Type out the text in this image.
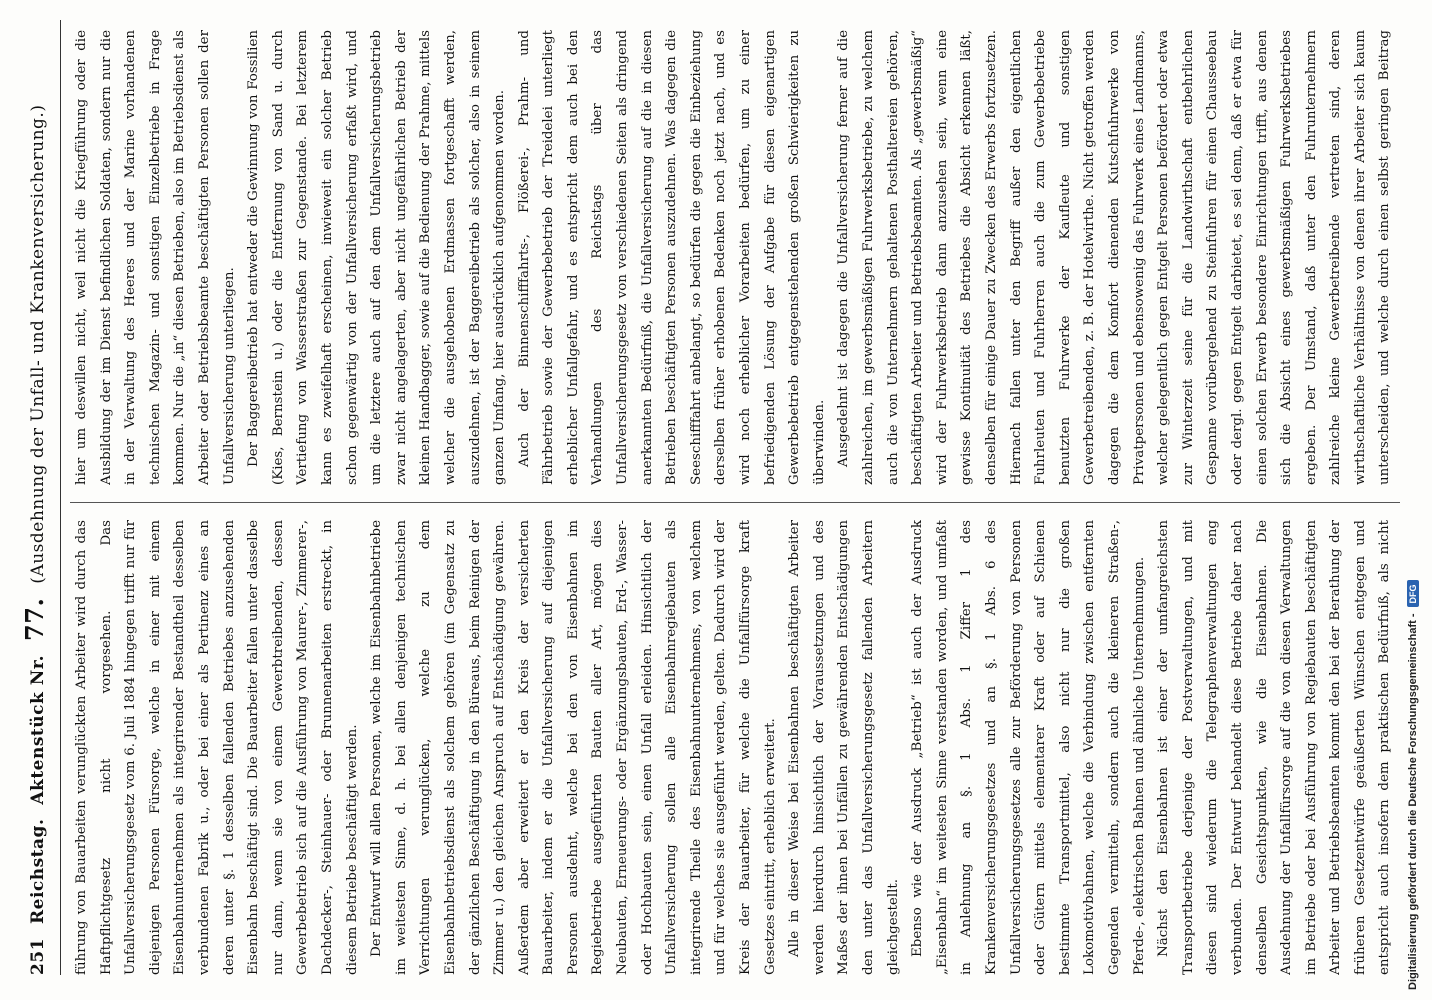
251
Reichstag.
Aktenstück Nr.
77.
(Ausdehnung der Unfall- und Krankenversicherung.)

führung von Bauarbeiten verunglückten Arbeiter wird durch das Haftpflichtgesetz nicht vorgesehen. Das Unfallversicherungsgesetz vom 6. Juli 1884 hingegen trifft nur für diejenigen Personen Fürsorge, welche in einer mit einem Eisenbahnunternehmen als integrirender Bestandtheil desselben verbundenen Fabrik u., oder bei einer als Pertinenz eines an deren unter §. 1 desselben fallenden Betriebes anzusehenden Eisenbahn beschäftigt sind. Die Bauarbeiter fallen unter dasselbe nur dann, wenn sie von einem Gewerbtreibenden, dessen Gewerbebetrieb sich auf die Ausführung von Maurer-, Zimmerer-, Dachdecker-, Steinhauer- oder Brunnenarbeiten erstreckt, in diesem Betriebe beschäftigt werden. Der Entwurf will allen Personen, welche im Eisenbahnbetriebe im weitesten Sinne, d. h. bei allen denjenigen technischen Verrichtungen verunglücken, welche zu dem Eisenbahnbetriebsdienst als solchem gehören (im Gegensatz zu der gänzlichen Beschäftigung in den Büreaus, beim Reinigen der Zimmer u.) den gleichen Anspruch auf Entschädigung gewähren. Außerdem aber erweitert er den Kreis der versicherten Bauarbeiter, indem er die Unfallversicherung auf diejenigen Personen ausdehnt, welche bei den von Eisenbahnen im Regiebetriebe ausgeführten Bauten aller Art, mögen dies Neubauten, Erneuerungs- oder Ergänzungsbauten, Erd-, Wasser- oder Hochbauten sein, einen Unfall erleiden. Hinsichtlich der Unfallversicherung sollen alle Eisenbahnregiebauten als integrirende Theile des Eisenbahnunternehmens, von welchem und für welches sie ausgeführt werden, gelten. Dadurch wird der Kreis der Bauarbeiter, für welche die Unfallfürsorge kraft Gesetzes eintritt, erheblich erweitert. Alle in dieser Weise bei Eisenbahnen beschäftigten Arbeiter werden hierdurch hinsichtlich der Voraussetzungen und des Maßes der ihnen bei Unfällen zu gewährenden Entschädigungen den unter das Unfallversicherungsgesetz fallenden Arbeitern gleichgestellt. Ebenso wie der Ausdruck „Betrieb“ ist auch der Ausdruck „Eisenbahn“ im weitesten Sinne verstanden worden, und umfaßt in Anlehnung an §. 1 Abs. 1 Ziffer 1 des Krankenversicherungsgesetzes und an §. 1 Abs. 6 des Unfallversicherungsgesetzes alle zur Beförderung von Personen oder Gütern mittels elementarer Kraft oder auf Schienen bestimmte Transportmittel, also nicht nur die großen Lokomotivbahnen, welche die Verbindung zwischen entfernten Gegenden vermitteln, sondern auch die kleineren Straßen-, Pferde-, elektrischen Bahnen und ähnliche Unternehmungen. Nächst den Eisenbahnen ist einer der umfangreichsten Transportbetriebe derjenige der Postverwaltungen, und mit diesen sind wiederum die Telegraphenverwaltungen eng verbunden. Der Entwurf behandelt diese Betriebe daher nach denselben Gesichtspunkten, wie die Eisenbahnen. Die Ausdehnung der Unfallfürsorge auf die von diesen Verwaltungen im Betriebe oder bei Ausführung von Regiebauten beschäftigten Arbeiter und Betriebsbeamten kommt den bei der Berathung der früheren Gesetzentwürfe geäußerten Wünschen entgegen und entspricht auch insofern dem praktischen Bedürfniß, als nicht

hier um deswillen nicht, weil nicht die Kriegführung oder die Ausbildung der im Dienst befindlichen Soldaten, sondern nur die in der Verwaltung des Heeres und der Marine vorhandenen technischen Magazin- und sonstigen Einzelbetriebe in Frage kommen. Nur die „in“ diesen Betrieben, also im Betriebsdienst als Arbeiter oder Betriebsbeamte beschäftigten Personen sollen der Unfallversicherung unterliegen. Der Baggereibetrieb hat entweder die Gewinnung von Fossilien (Kies, Bernstein u.) oder die Entfernung von Sand u. durch Vertiefung von Wasserstraßen zur Gegenstande. Bei letzterem kann es zweifelhaft erscheinen, inwieweit ein solcher Betrieb schon gegenwärtig von der Unfallversicherung erfaßt wird, und um die letztere auch auf den dem Unfallversicherungsbetrieb zwar nicht angelagerten, aber nicht ungefährlichen Betrieb der kleinen Handbagger, sowie auf die Bedienung der Prahme, mittels welcher die ausgehobenen Erdmassen fortgeschafft werden, auszudehnen, ist der Baggereibetrieb als solcher, also in seinem ganzen Umfang, hier ausdrücklich aufgenommen worden. Auch der Binnenschifffahrts-, Flößerei-, Prahm- und Fährbetrieb sowie der Gewerbebetrieb der Treidelei unterliegt erheblicher Unfallgefahr, und es entspricht dem auch bei den Verhandlungen des Reichstags über das Unfallversicherungsgesetz von verschiedenen Seiten als dringend anerkannten Bedürfniß, die Unfallversicherung auf die in diesen Betrieben beschäftigten Personen auszudehnen. Was dagegen die Seeschifffahrt anbelangt, so bedürfen die gegen die Einbeziehung derselben früher erhobenen Bedenken noch jetzt nach, und es wird noch erheblicher Vorarbeiten bedürfen, um zu einer befriedigenden Lösung der Aufgabe für diesen eigenartigen Gewerbebetrieb entgegenstehenden großen Schwierigkeiten zu überwinden. Ausgedehnt ist dagegen die Unfallversicherung ferner auf die zahlreichen, im gewerbsmäßigen Fuhrwerksbetriebe, zu welchem auch die von Unternehmern gehaltenen Posthaltereien gehören, beschäftigten Arbeiter und Betriebsbeamten. Als „gewerbsmäßig“ wird der Fuhrwerksbetrieb dann anzusehen sein, wenn eine gewisse Kontinuität des Betriebes die Absicht erkennen läßt, denselben für einige Dauer zu Zwecken des Erwerbs fortzusetzen. Hiernach fallen unter den Begriff außer den eigentlichen Fuhrleuten und Fuhrherren auch die zum Gewerbebetriebe benutzten Fuhrwerke der Kaufleute und sonstigen Gewerbetreibenden, z. B. der Hotelwirthe. Nicht getroffen werden dagegen die dem Komfort dienenden Kutschfuhrwerke von Privatpersonen und ebensowenig das Fuhrwerk eines Landmanns, welcher gelegentlich gegen Entgelt Personen befördert oder etwa zur Winterzeit seine für die Landwirthschaft entbehrlichen Gespanne vorübergehend zu Steinfuhren für einen Chausseebau oder dergl. gegen Entgelt darbietet, es sei denn, daß er etwa für einen solchen Erwerb besondere Einrichtungen trifft, aus denen sich die Absicht eines gewerbsmäßigen Fuhrwerksbetriebes ergeben. Der Umstand, daß unter den Fuhrunternehmern zahlreiche kleine Gewerbetreibende vertreten sind, deren wirthschaftliche Verhältnisse von denen ihrer Arbeiter sich kaum unterscheiden, und welche durch einen selbst geringen Beitrag

Digitalisierung gefördert durch die Deutsche Forschungsgemeinschaft -
DFG
